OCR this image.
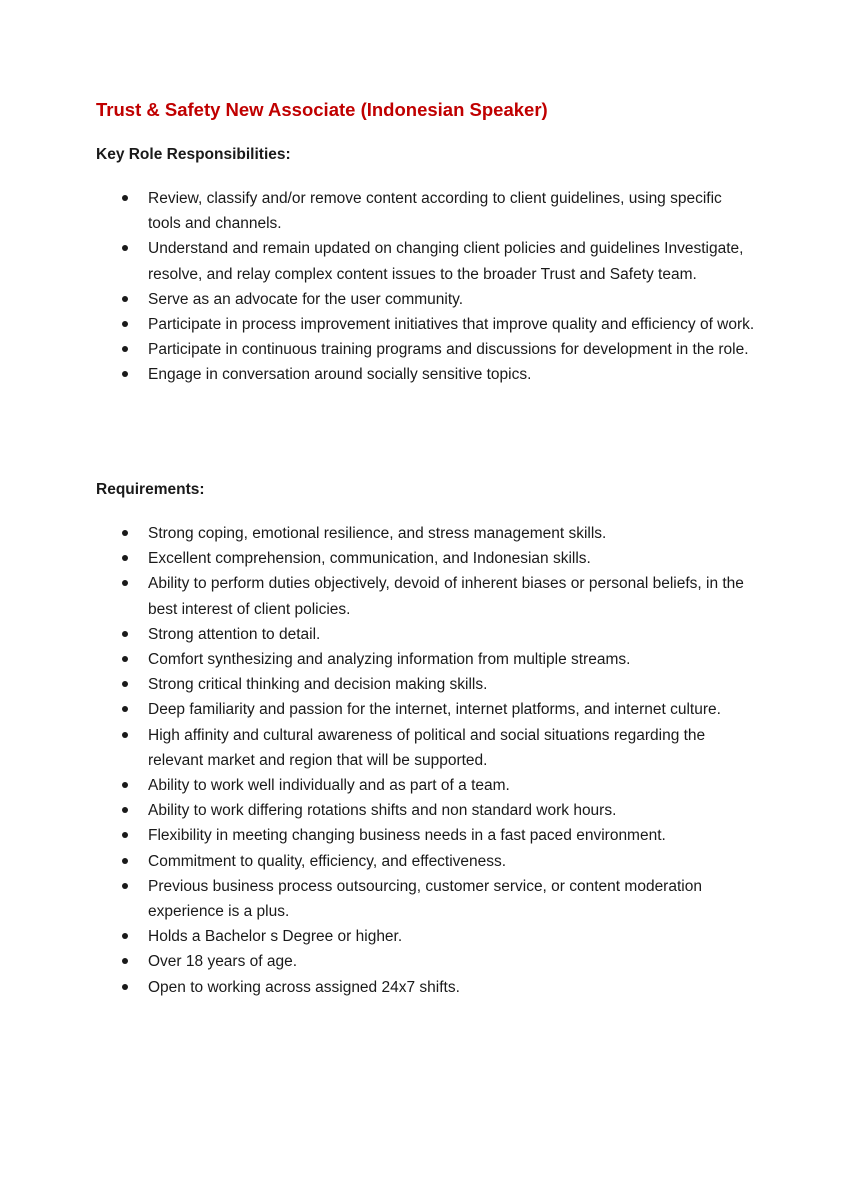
Trust & Safety New Associate (Indonesian Speaker)
Key Role Responsibilities:
Review, classify and/or remove content according to client guidelines, using specific tools and channels.
Understand and remain updated on changing client policies and guidelines Investigate, resolve, and relay complex content issues to the broader Trust and Safety team.
Serve as an advocate for the user community.
Participate in process improvement initiatives that improve quality and efficiency of work.
Participate in continuous training programs and discussions for development in the role.
Engage in conversation around socially sensitive topics.
Requirements:
Strong coping, emotional resilience, and stress management skills.
Excellent comprehension, communication, and Indonesian skills.
Ability to perform duties objectively, devoid of inherent biases or personal beliefs, in the best interest of client policies.
Strong attention to detail.
Comfort synthesizing and analyzing information from multiple streams.
Strong critical thinking and decision making skills.
Deep familiarity and passion for the internet, internet platforms, and internet culture.
High affinity and cultural awareness of political and social situations regarding the relevant market and region that will be supported.
Ability to work well individually and as part of a team.
Ability to work differing rotations shifts and non standard work hours.
Flexibility in meeting changing business needs in a fast paced environment.
Commitment to quality, efficiency, and effectiveness.
Previous business process outsourcing, customer service, or content moderation experience is a plus.
Holds a Bachelor s Degree or higher.
Over 18 years of age.
Open to working across assigned 24x7 shifts.
